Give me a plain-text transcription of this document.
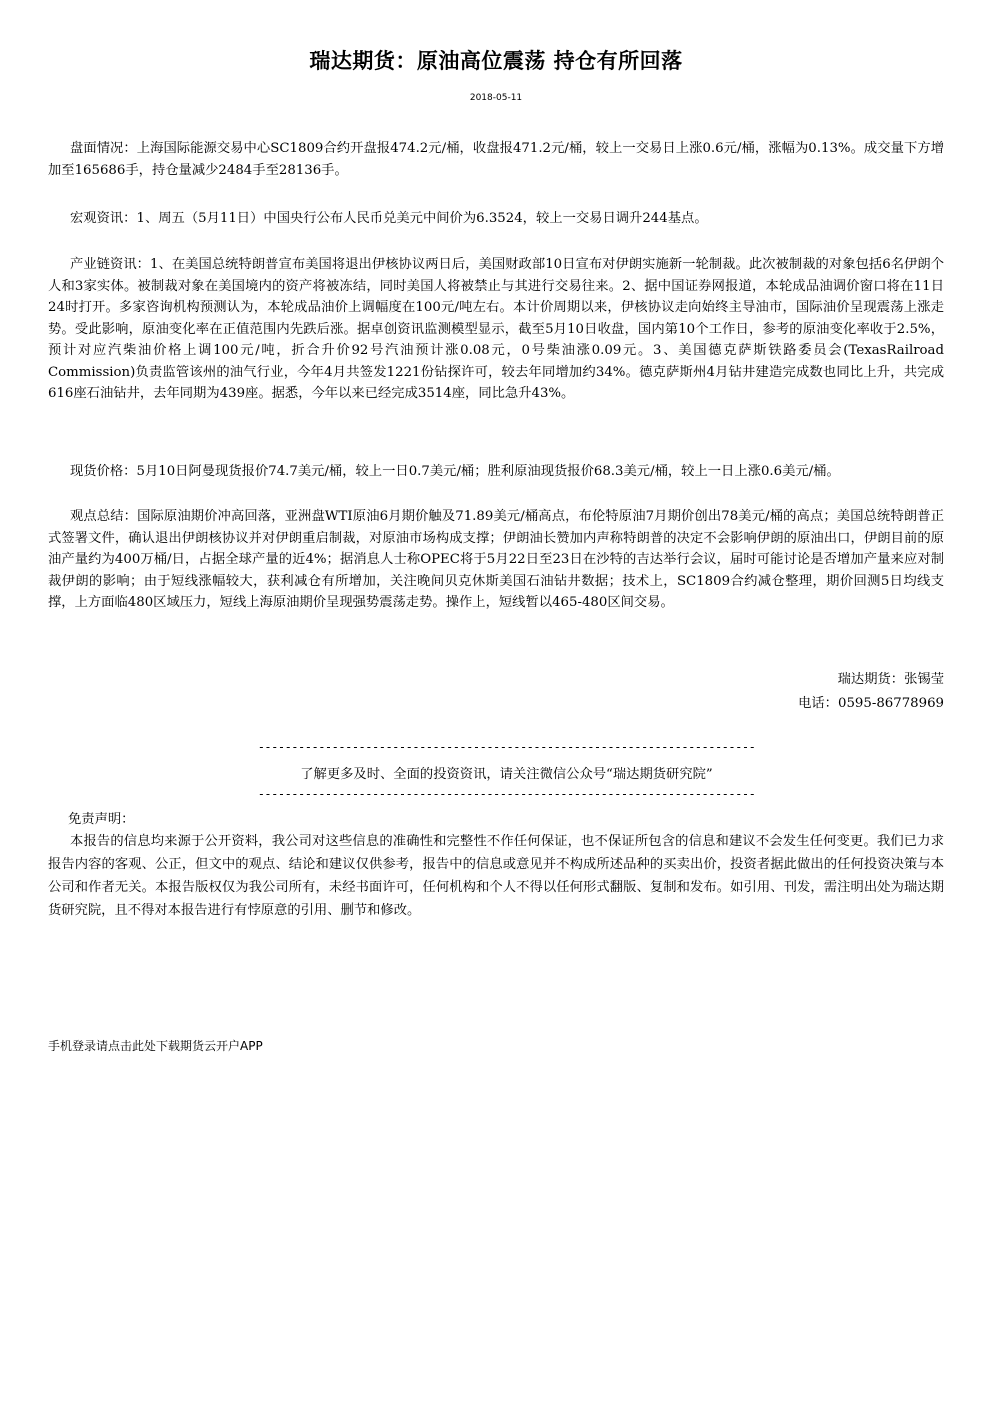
瑞达期货：原油高位震荡 持仓有所回落
2018-05-11
盘面情况：上海国际能源交易中心SC1809合约开盘报474.2元/桶，收盘报471.2元/桶，较上一交易日上涨0.6元/桶，涨幅为0.13%。成交量下方增加至165686手，持仓量减少2484手至28136手。
宏观资讯：1、周五（5月11日）中国央行公布人民币兑美元中间价为6.3524，较上一交易日调升244基点。
产业链资讯：1、在美国总统特朗普宣布美国将退出伊核协议两日后，美国财政部10日宣布对伊朗实施新一轮制裁。此次被制裁的对象包括6名伊朗个人和3家实体。被制裁对象在美国境内的资产将被冻结，同时美国人将被禁止与其进行交易往来。2、据中国证券网报道，本轮成品油调价窗口将在11日24时打开。多家咨询机构预测认为，本轮成品油价上调幅度在100元/吨左右。本计价周期以来，伊核协议走向始终主导油市，国际油价呈现震荡上涨走势。受此影响，原油变化率在正值范围内先跌后涨。据卓创资讯监测模型显示，截至5月10日收盘，国内第10个工作日，参考的原油变化率收于2.5%，预计对应汽柴油价格上调100元/吨，折合升价92号汽油预计涨0.08元，0号柴油涨0.09元。3、美国德克萨斯铁路委员会(TexasRailroad Commission)负责监管该州的油气行业，今年4月共签发1221份钻探许可，较去年同增加约34%。德克萨斯州4月钻井建造完成数也同比上升，共完成616座石油钻井，去年同期为439座。据悉，今年以来已经完成3514座，同比急升43%。
现货价格：5月10日阿曼现货报价74.7美元/桶，较上一日0.7美元/桶；胜利原油现货报价68.3美元/桶，较上一日上涨0.6美元/桶。
观点总结：国际原油期价冲高回落，亚洲盘WTI原油6月期价触及71.89美元/桶高点，布伦特原油7月期价创出78美元/桶的高点；美国总统特朗普正式签署文件，确认退出伊朗核协议并对伊朗重启制裁，对原油市场构成支撑；伊朗油长赞加内声称特朗普的决定不会影响伊朗的原油出口，伊朗目前的原油产量约为400万桶/日，占据全球产量的近4%；据消息人士称OPEC将于5月22日至23日在沙特的吉达举行会议，届时可能讨论是否增加产量来应对制裁伊朗的影响；由于短线涨幅较大，获利减仓有所增加，关注晚间贝克休斯美国石油钻井数据；技术上，SC1809合约减仓整理，期价回测5日均线支撑，上方面临480区域压力，短线上海原油期价呈现强势震荡走势。操作上，短线暂以465-480区间交易。
瑞达期货：张锡莹
电话：0595-86778969
--------------------------------------------------------------------------
了解更多及时、全面的投资资讯，请关注微信公众号“瑞达期货研究院”
--------------------------------------------------------------------------
免责声明：
本报告的信息均来源于公开资料，我公司对这些信息的准确性和完整性不作任何保证，也不保证所包含的信息和建议不会发生任何变更。我们已力求报告内容的客观、公正，但文中的观点、结论和建议仅供参考，报告中的信息或意见并不构成所述品种的买卖出价，投资者据此做出的任何投资决策与本公司和作者无关。本报告版权仅为我公司所有，未经书面许可，任何机构和个人不得以任何形式翻版、复制和发布。如引用、刊发，需注明出处为瑞达期货研究院，且不得对本报告进行有悖原意的引用、删节和修改。
手机登录请点击此处下载期货云开户APP
